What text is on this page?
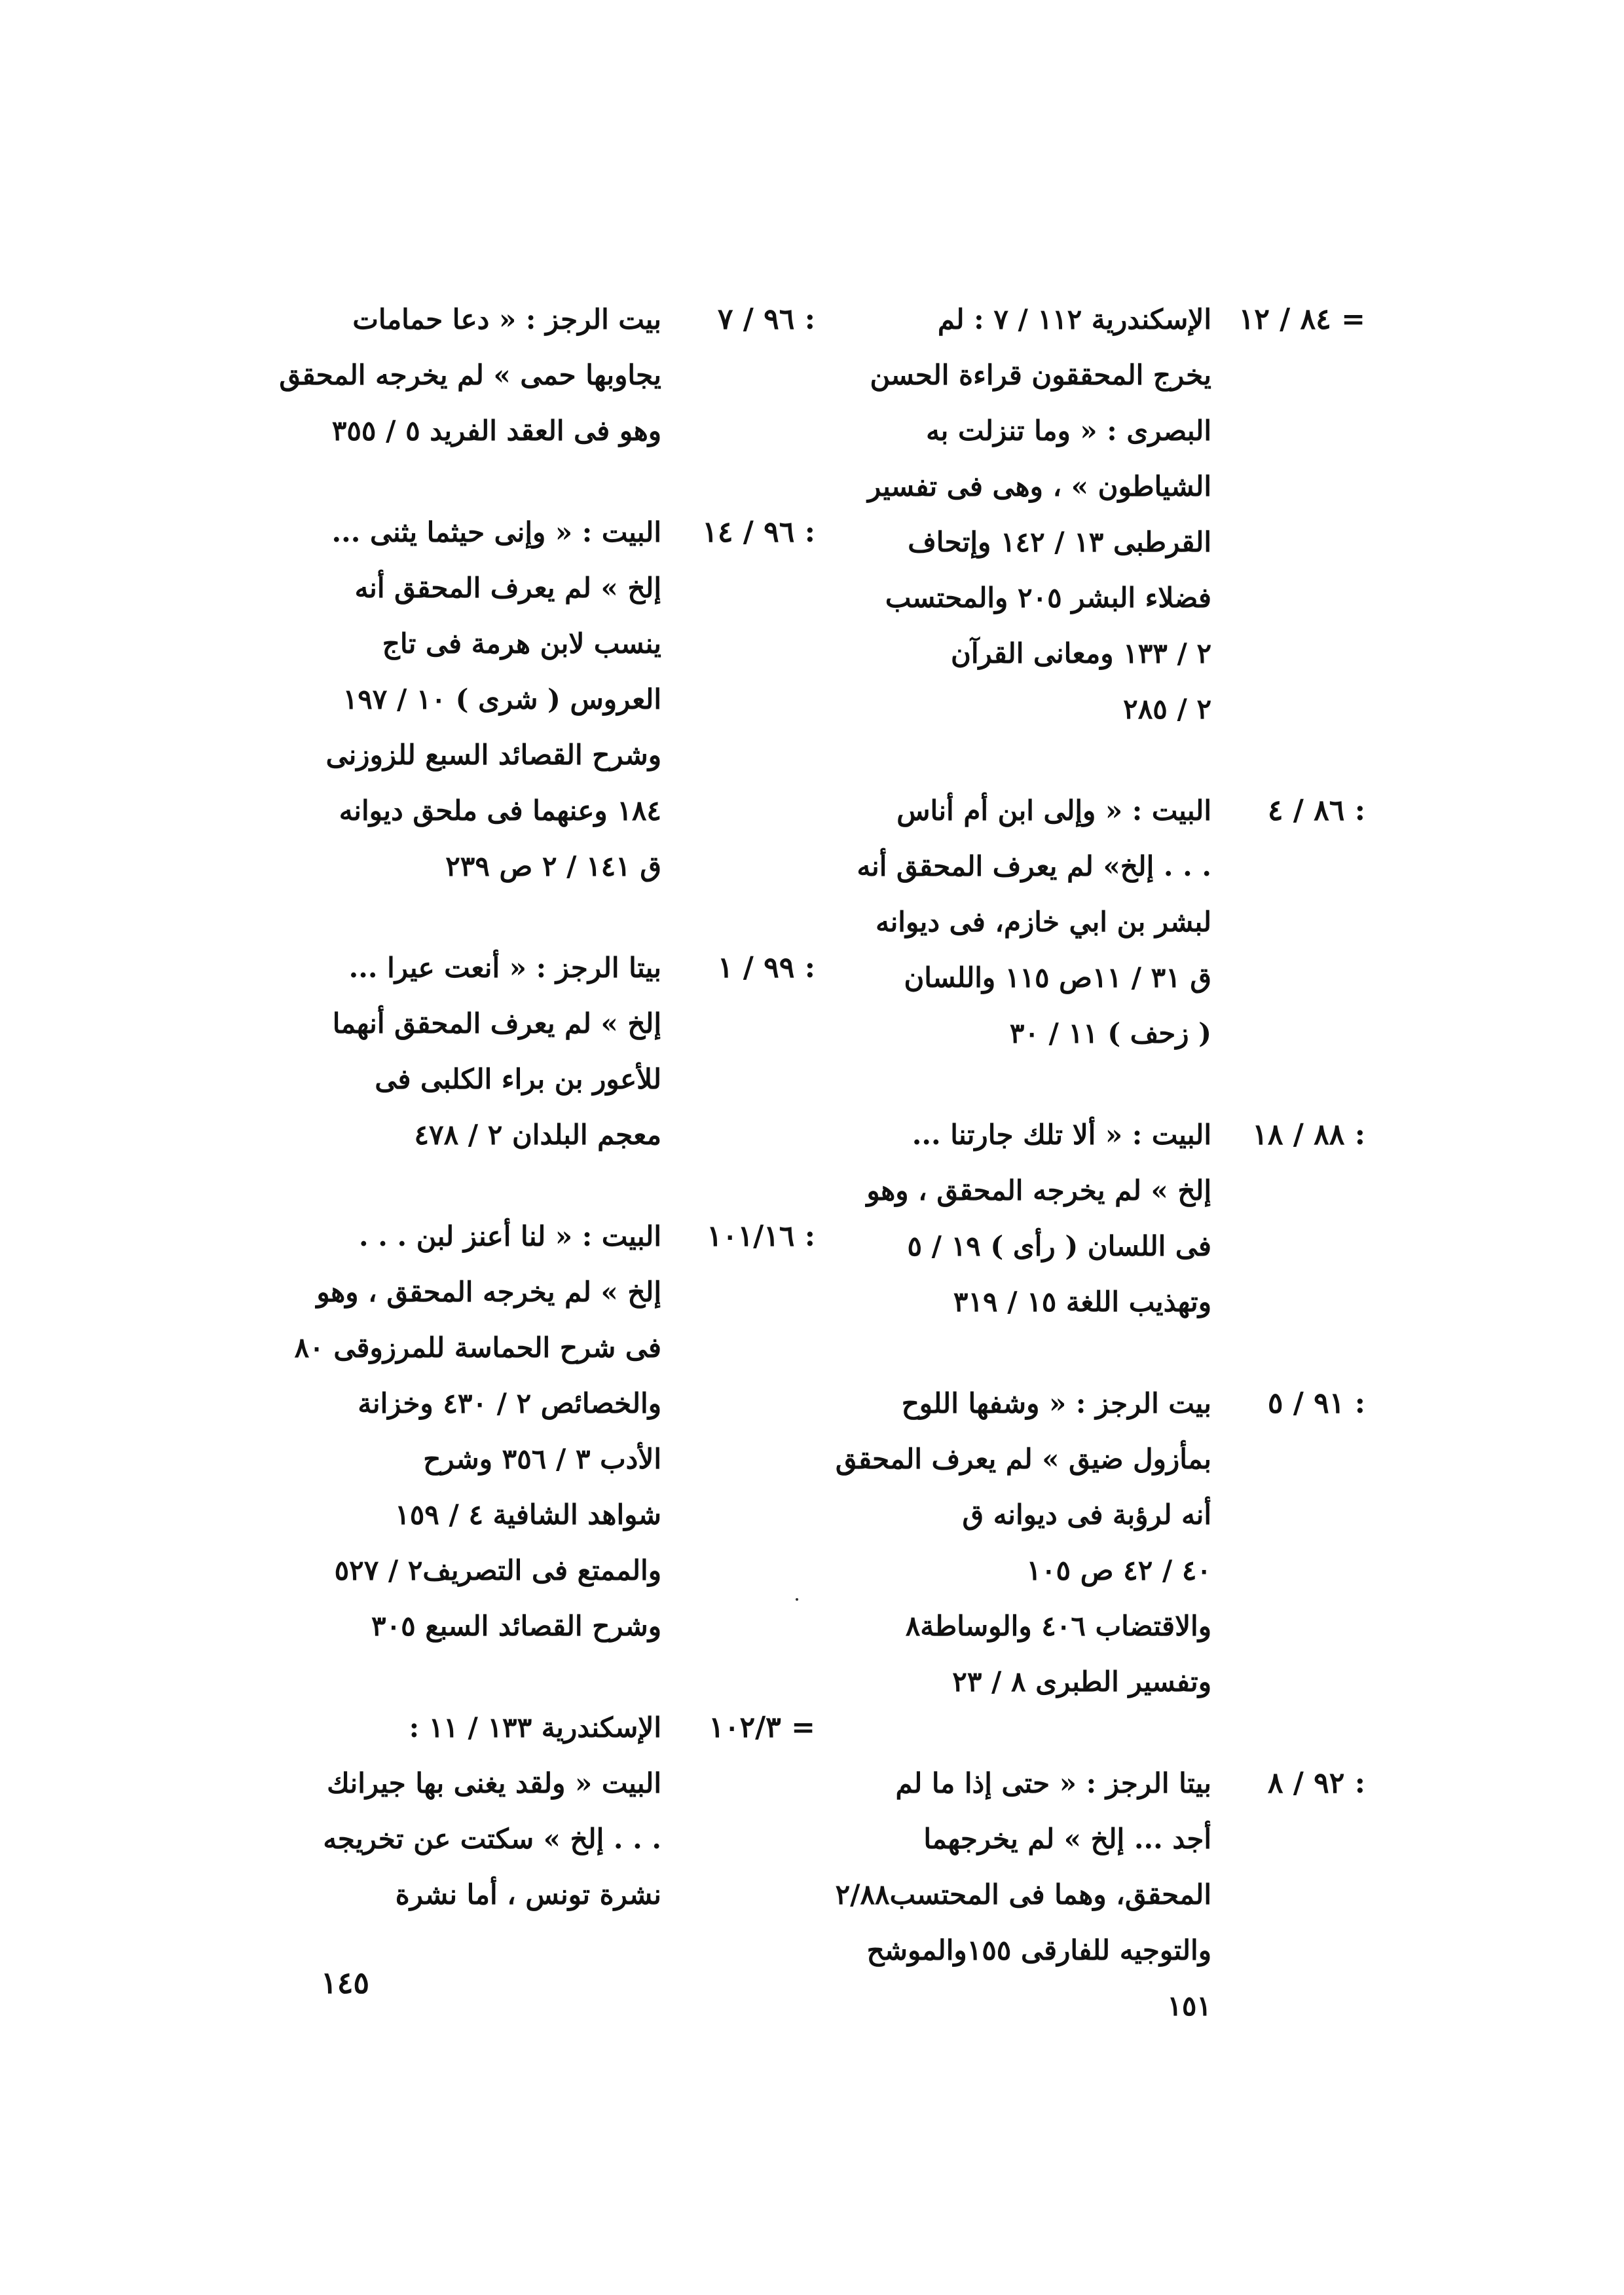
٨٤ / ١٢ =
الإسكندرية ١١٢ / ٧ : لم
يخرج المحققون قراءة الحسن
البصرى : « وما تنزلت به
الشياطون » ، وهى فى تفسير
القرطبى ١٣ / ١٤٢ وإتحاف
فضلاء البشر ٢٠٥ والمحتسب
٢ / ١٣٣ ومعانى القرآن
٢ / ٢٨٥
٨٦ / ٤ :
البيت : « وإلى ابن أم أناس
. . . إلخ» لم يعرف المحقق أنه
لبشر بن ابي خازم، فى ديوانه
ق ٣١ / ١١ص ١١٥ واللسان
( زحف ) ١١ / ٣٠
٨٨ / ١٨ :
البيت : « ألا تلك جارتنا ...
إلخ » لم يخرجه المحقق ، وهو
فى اللسان ( رأى ) ١٩ / ٥
وتهذيب اللغة ١٥ / ٣١٩
٩١ / ٥ :
بيت الرجز : « وشفها اللوح
بمأزول ضيق » لم يعرف المحقق
أنه لرؤبة فى ديوانه ق
٤٠ / ٤٢ ص ١٠٥
والاقتضاب ٤٠٦ والوساطة٨
وتفسير الطبرى ٨ / ٢٣
٩٢ / ٨ :
بيتا الرجز : « حتى إذا ما لم
أجد ... إلخ » لم يخرجهما
المحقق، وهما فى المحتسب٢/٨٨
والتوجيه للفارقى ١٥٥والموشح
١٥١
٩٦ / ٧ :
بيت الرجز : « دعا حمامات
يجاوبها حمى » لم يخرجه المحقق
وهو فى العقد الفريد ٥ / ٣٥٥
٩٦ / ١٤ :
البيت : « وإنى حيثما يثنى ...
إلخ » لم يعرف المحقق أنه
ينسب لابن هرمة فى تاج
العروس ( شرى ) ١٠ / ١٩٧
وشرح القصائد السبع للزوزنى
١٨٤ وعنهما فى ملحق ديوانه
ق ١٤١ / ٢ ص ٢٣٩
٩٩ / ١ :
بيتا الرجز : « أنعت عيرا ...
إلخ » لم يعرف المحقق أنهما
للأعور بن براء الكلبى فى
معجم البلدان ٢ / ٤٧٨
١٠١/١٦ :
البيت : « لنا أعنز لبن . . .
إلخ » لم يخرجه المحقق ، وهو
فى شرح الحماسة للمرزوقى ٨٠
والخصائص ٢ / ٤٣٠ وخزانة
الأدب ٣ / ٣٥٦ وشرح
شواهد الشافية ٤ / ١٥٩
والممتع فى التصريف٢ / ٥٢٧
وشرح القصائد السبع ٣٠٥
١٠٢/٣ =
الإسكندرية ١٣٣ / ١١ :
البيت « ولقد يغنى بها جيرانك
. . . إلخ » سكتت عن تخريجه
نشرة تونس ، أما نشرة
١٤٥
